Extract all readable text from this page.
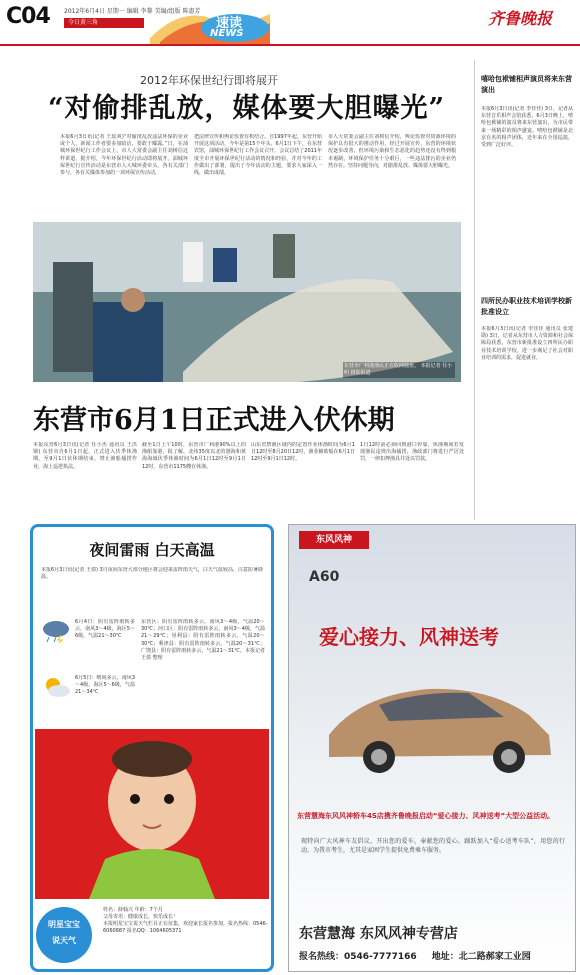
C04 2012年6月4日 星期一 编辑 李黎 美编/组版 陈惠芳
今日黄三角	速读
NEWS
齐鲁晚报
2012年环保世纪行即将展开
“对偷排乱放，媒体要大胆曝光”
本报6月3日讯(记者 王瑶爽)“对偷排乱放违法环保的企业或个人，新闻工作者要多加暗访，要敢于曝露。”日，在油城环保世纪行工作会议上，市人大常委会副主任刘树信这样讲道，据介绍，今年环保世纪行活动即将展开。油城环保世纪行宣传活动是东营市人大城环委牵头，各有关部门参与，各有关媒体参加的一项环保宣传活动，
把法律宣传和舆论监督有机结合。自1997年起，东营开始开展这项活动，今年是第15个年头。6月1日下午，在东营宾馆，油城环保世纪行工作会议召开，会议总结了2011年度全市开展环保世纪行活动的情况和经验，并对今年的工作做出了部署，提出了今年活动的主题，要求大家深入一线，做出成绩。
市人大常委会副主任刘树信介绍，舆论监督对资源环境的保护具有很大的推动作用，经过开展宣传，东营的环境状况逐步改善，但环境污染和生态恶化的趋势还没有得到根本遏制，环境保护任务十分艰巨，一些违法排污的企业仍然存在。坚持问题导向，对偷排乱放、媒体要大胆曝光。
东营市广利港渔民正在收网捕鱼。 本报记者 任小明 摄影报道
东营市6月1日正式进入伏休期
本报东营6月3日讯(记者 任小杰 通讯员 王洪钢) 东营市自6月1日起，正式进入伏季休渔期。至9月1日伏休期结束，禁止渔船捕捞作业，海上巡逻执法。
截至1日上午10时，东营市广利港90%以上的渔船靠港，报了解，北纬35度以北的渤海和黄海海域伏季休渔时间为6月1日12时至9月1日12时，东营市1175艘在休渔。
山东省禁渔区域内的定置作业休渔时间为6月1日12时至8月20日12时，渔业辅助船在6月1日12时至9月1日12时。
1日12时前必须回到港口停靠，休渔期间若发现渔民违规出海捕捞，渔政部门将进行严厉处罚，一律扣押渔具并处以罚款。
嘻哈包袱铺相声演员将来东营演出
本报6月3日讯(记者 李佳佳) 3日，记者从东营音乐相声会馆获悉，6月3日晚上，嘻哈包袱铺的演员将来东营演出，为市民带来一场精彩的相声盛宴。嘻哈包袱铺是北京有名的相声团体，近年来在全国巡演，受到广泛好评。
四所民办职业技术培训学校新批准设立
本报6月3日讯(记者 李佳佳 通讯员 张建勋) 3日，记者从东营市人力资源和社会保障局获悉，东营市新批准设立四所民办职业技术培训学校，进一步满足了社会对职业培训的需求，促进就业。
夜间雷雨 白天高温
本报6月3日讯(记者 王倩) 3日夜间东营大部分地区将会迎来雷阵雨天气，白天气温较高，注意防暑降温。
6月4日：阴有雷阵雨转多云，南风3～4级，海区5～6级，气温21～30℃
6月5日：晴间多云，南风3～4级，海区5～6级，气温21～34℃
东营区：阴有雷阵雨转多云，南风3～4级，气温20～30℃；河口区：阴有雷阵雨转多云，南风3～4级，气温21～29℃；垦利县：阴有雷阵雨转多云，气温20～30℃；利津县：阴有雷阵雨转多云，气温20～31℃；广饶县：阴有雷阵雨转多云，气温21～31℃。本报记者 王倩 整理
明星宝宝
说天气

姓名：薛翰兴 年龄：7个月

父母寄语：健康成长，快乐成长！

本报明星宝宝说天气栏目正在征集，欢迎家长报名参加。报名热线：0546-6060887 报名QQ：1064605371

东风风神
A60
爱心接力、风神送考
东营慧海东风风神轿车4S店携齐鲁晚报启动“爱心接力、风神送考”大型公益活动。
现特向广大风神车友倡议，开出您的爱车，奉献您的爱心，踊跃加入“爱心送考车队”，用您的行动，为我市考生，尤其是家困学生提供免费乘车服务。
东营慧海 东风风神专营店
报名热线：0546-7777166 地址：北二路郝家工业园
